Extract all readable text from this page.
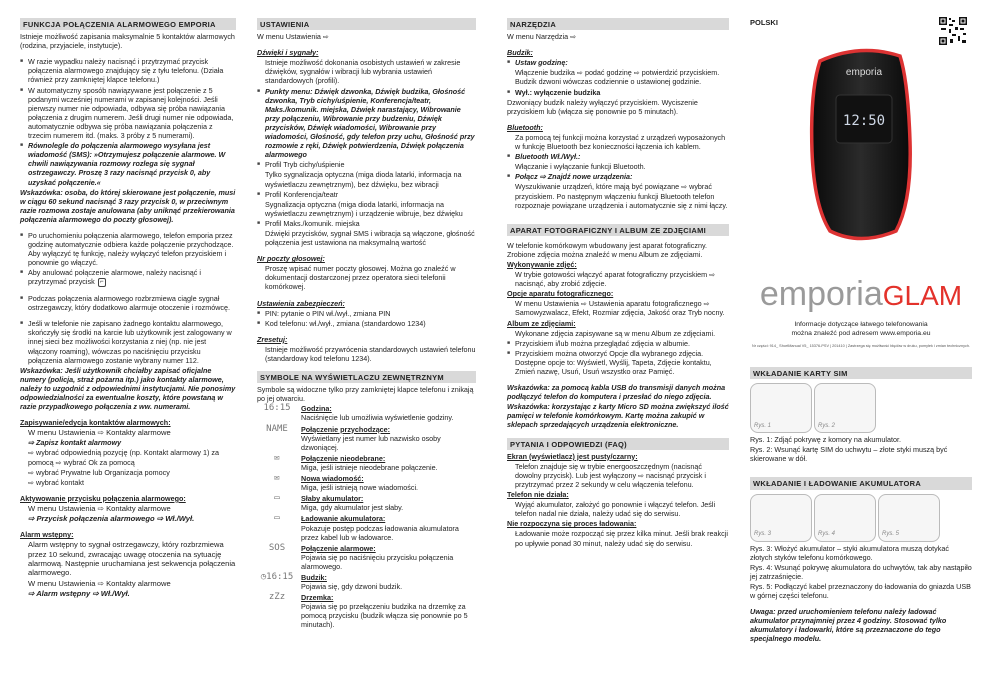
FUNKCJA POŁĄCZENIA ALARMOWEGO EMPORIA
Istnieje możliwość zapisania maksymalnie 5 kontaktów alarmowych (rodzina, przyjaciele, instytucje).
■ W razie wypadku należy nacisnąć i przytrzymać przycisk połączenia alarmowego znajdujący się z tyłu telefonu. (Działa również przy zamkniętej klapce telefonu.)
■ W automatyczny sposób nawiązywane jest połączenie z 5 podanymi wcześniej numerami w zapisanej kolejności. Jeśli pierwszy numer nie odpowiada, odbywa się próba nawiązania połączenia z drugim numerem. Jeśli drugi numer nie odpowiada, automatycznie odbywa się próba nawiązania połączenia z trzecim numerem itd. (maks. 3 próby z 5 numerami).
■ Równolegle do połączenia alarmowego wysyłana jest wiadomość (SMS): »Otrzymujesz połączenie alarmowe. W chwili nawiązywania rozmowy rozlega się sygnał ostrzegawczy. Proszę 3 razy nacisnąć przycisk 0, aby uzyskać połączenie.«
Wskazówka: osoba, do której skierowane jest połączenie, musi w ciągu 60 sekund nacisnąć 3 razy przycisk 0, w przeciwnym razie rozmowa zostaje anulowana (aby uniknąć przekierowania połączenia alarmowego do poczty głosowej).
■ Po uruchomieniu połączenia alarmowego, telefon emporia przez godzinę automatycznie odbiera każde połączenie przychodzące. Aby wyłączyć tę funkcję, należy wyłączyć telefon przyciskiem i ponownie go włączyć.
■ Aby anulować połączenie alarmowe, należy nacisnąć i przytrzymać przycisk ⌐
■ Podczas połączenia alarmowego rozbrzmiewa ciągle sygnał ostrzegawczy, który dodatkowo alarmuje otoczenie i rozmówcę.
■ Jeśli w telefonie nie zapisano żadnego kontaktu alarmowego, skończyły się środki na karcie lub użytkownik jest zalogowany w innej sieci bez możliwości korzystania z niej (np. nie jest włączony roaming), wówczas po naciśnięciu przycisku połączenia alarmowego zostanie wybrany numer 112.
Wskazówka: Jeśli użytkownik chciałby zapisać oficjalne numery (policja, straż pożarna itp.) jako kontakty alarmowe, należy to uzgodnić z odpowiednimi instytucjami. Nie ponosimy odpowiedzialności za ewentualne koszty, które powstaną w razie przypadkowego połączenia z ww. numerami.
Zapisywanie/edycja kontaktów alarmowych:
W menu Ustawienia ⇨ Kontakty alarmowe
⇨ Zapisz kontakt alarmowy
⇨ wybrać odpowiednią pozycję (np. Kontakt alarmowy 1) za pomocą ⇨ wybrać Ok za pomocą
⇨ wybrać Prywatne lub Organizacja pomocy
⇨ wybrać kontakt
Aktywowanie przycisku połączenia alarmowego:
W menu Ustawienia ⇨ Kontakty alarmowe
⇨ Przycisk połączenia alarmowego ⇨ Wł./Wył.
Alarm wstępny:
Alarm wstępny to sygnał ostrzegawczy, który rozbrzmiewa przez 10 sekund, zwracając uwagę otoczenia na sytuację alarmową. Następnie uruchamiana jest sekwencja połączenia alarmowego.
W menu Ustawienia ⇨ Kontakty alarmowe
⇨ Alarm wstępny ⇨ Wł./Wył.
USTAWIENIA
W menu Ustawienia ⇨
Dźwięki i sygnały:
Istnieje możliwość dokonania osobistych ustawień w zakresie dźwięków, sygnałów i wibracji lub wybrania ustawień standardowych (profili).
■ Punkty menu: Dźwięk dzwonka, Dźwięk budzika, Głośność dzwonka, Tryb cichy/uśpienie, Konferencja/teatr, Maks./komunik. miejska, Dźwięk narastający, Wibrowanie przy połączeniu, Wibrowanie przy budzeniu, Dźwięk przycisków, Dźwięk wiadomości, Wibrowanie przy wiadomości, Głośność, gdy telefon przy uchu, Głośność przy rozmowie z ręki, Dźwięk potwierdzenia, Dźwięk połączenia alarmowego
■ Profil Tryb cichy/uśpienie
Tylko sygnalizacja optyczna (miga dioda latarki, informacja na wyświetlaczu zewnętrznym), bez dźwięku, bez wibracji
■ Profil Konferencja/teatr
Sygnalizacja optyczna (miga dioda latarki, informacja na wyświetlaczu zewnętrznym) i urządzenie wibruje, bez dźwięku
■ Profil Maks./komunik. miejska
Dźwięki przycisków, sygnał SMS i wibracja są włączone, głośność połączenia jest ustawiona na maksymalną wartość
Nr poczty głosowej:
Proszę wpisać numer poczty głosowej. Można go znaleźć w dokumentacji dostarczonej przez operatora sieci telefonii komórkowej.
Ustawienia zabezpieczeń:
■ PIN: pytanie o PIN wł./wył., zmiana PIN
■ Kod telefonu: wł./wył., zmiana (standardowo 1234)
Zresetuj:
Istnieje możliwość przywrócenia standardowych ustawień telefonu (standardowy kod telefonu 1234).
SYMBOLE NA WYŚWIETLACZU ZEWNĘTRZNYM
Symbole są widoczne tylko przy zamkniętej klapce telefonu i znikają po jej otwarciu.
16:15	Godzina:
Naciśnięcie lub umożliwia wyświetlenie godziny.
NAME	Połączenie przychodzące:
Wyświetlany jest numer lub nazwisko osoby dzwoniącej.
✉	Połączenie nieodebrane:
Miga, jeśli istnieje nieodebrane połączenie.
✉	Nowa wiadomość:
Miga, jeśli istnieją nowe wiadomości.
▭	Słaby akumulator:
Miga, gdy akumulator jest słaby.
▭	Ładowanie akumulatora:
Pokazuje postęp podczas ładowania akumulatora przez kabel lub w ładowarce.
SOS	Połączenie alarmowe:
Pojawia się po naciśnięciu przycisku połączenia alarmowego.
◷16:15	Budzik:
Pojawia się, gdy dzwoni budzik.
zZz	Drzemka:
Pojawia się po przełączeniu budzika na drzemkę za pomocą przycisku (budzik włącza się ponownie po 5 minutach).
NARZĘDZIA
W menu Narzędzia ⇨
Budzik:
■ Ustaw godzinę:
Włączenie budzika ⇨ podać godzinę ⇨ potwierdzić przyciskiem. Budzik dzwoni wówczas codziennie o ustawionej godzinie.
■ Wył.: wyłączenie budzika
Dzwoniący budzik należy wyłączyć przyciskiem. Wyciszenie przyciskiem lub (włącza się ponownie po 5 minutach).
Bluetooth:
Za pomocą tej funkcji można korzystać z urządzeń wyposażonych w funkcję Bluetooth bez konieczności łączenia ich kablem.
■ Bluetooth Wł./Wył.:
Włączanie i wyłączanie funkcji Bluetooth.
■ Połącz ⇨ Znajdź nowe urządzenia:
Wyszukiwanie urządzeń, które mają być powiązane ⇨ wybrać przyciskiem. Po następnym włączeniu funkcji Bluetooth telefon rozpoznaje powiązane urządzenia i automatycznie się z nimi łączy.
APARAT FOTOGRAFICZNY I ALBUM ZE ZDJĘCIAMI
W telefonie komórkowym wbudowany jest aparat fotograficzny. Zrobione zdjęcia można znaleźć w menu Album ze zdjęciami.
Wykonywanie zdjęć:
W trybie gotowości włączyć aparat fotograficzny przyciskiem ⇨ nacisnąć, aby zrobić zdjęcie.
Opcje aparatu fotograficznego:
W menu Ustawienia ⇨ Ustawienia aparatu fotograficznego ⇨ Samowyzwalacz, Efekt, Rozmiar zdjęcia, Jakość oraz Tryb nocny.
Album ze zdjęciami:
Wykonane zdjęcia zapisywane są w menu Album ze zdjęciami.
■ Przyciskiem i/lub można przeglądać zdjęcia w albumie.
■ Przyciskiem można otworzyć Opcje dla wybranego zdjęcia. Dostępne opcje to: Wyświetl, Wyślij, Tapeta, Zdjęcie kontaktu, Zmień nazwę, Usuń, Usuń wszystko oraz Pamięć.
Wskazówka: za pomocą kabla USB do transmisji danych można podłączyć telefon do komputera i przesłać do niego zdjęcia.
Wskazówka: korzystając z karty Micro SD można zwiększyć ilość pamięci w telefonie komórkowym. Kartę można zakupić w sklepach sprzedających urządzenia elektroniczne.
PYTANIA I ODPOWIEDZI (FAQ)
Ekran (wyświetlacz) jest pusty/czarny:
Telefon znajduje się w trybie energooszczędnym (nacisnąć dowolny przycisk). Lub jest wyłączony ⇨ nacisnąć przycisk i przytrzymać przez 2 sekundy w celu włączenia telefonu.
Telefon nie działa:
Wyjąć akumulator, założyć go ponownie i włączyć telefon. Jeśli telefon nadal nie działa, należy udać się do serwisu.
Nie rozpoczyna się proces ładowania:
Ładowanie może rozpocząć się przez kilka minut. Jeśli brak reakcji po upływie ponad 30 minut, należy udać się do serwisu.
POLSKI
emporia
12:50
emporiaGLAM
Informacje dotyczące łatwego telefonowania
można znaleźć pod adresem www.emporia.eu
Nr części: 914_ ShortManual V5_ 15376-PSV | 201410 | Zastrzega się możliwość błędów w druku, pomyłek i zmian technicznych.
WKŁADANIE KARTY SIM
Rys. 1	Rys. 2
Rys. 1: Zdjąć pokrywę z komory na akumulator.
Rys. 2: Wsunąć kartę SIM do uchwytu – złote styki muszą być skierowane w dół.
WKŁADANIE I ŁADOWANIE AKUMULATORA
Rys. 3	Rys. 4	Rys. 5
Rys. 3: Włożyć akumulator – styki akumulatora muszą dotykać złotych styków telefonu komórkowego.
Rys. 4: Wsunąć pokrywę akumulatora do uchwytów, tak aby nastąpiło jej zatrzaśnięcie.
Rys. 5: Podłączyć kabel przeznaczony do ładowania do gniazda USB w górnej części telefonu.
Uwaga: przed uruchomieniem telefonu należy ładować akumulator przynajmniej przez 4 godziny. Stosować tylko akumulatory i ładowarki, które są przeznaczone do tego specjalnego modelu.
